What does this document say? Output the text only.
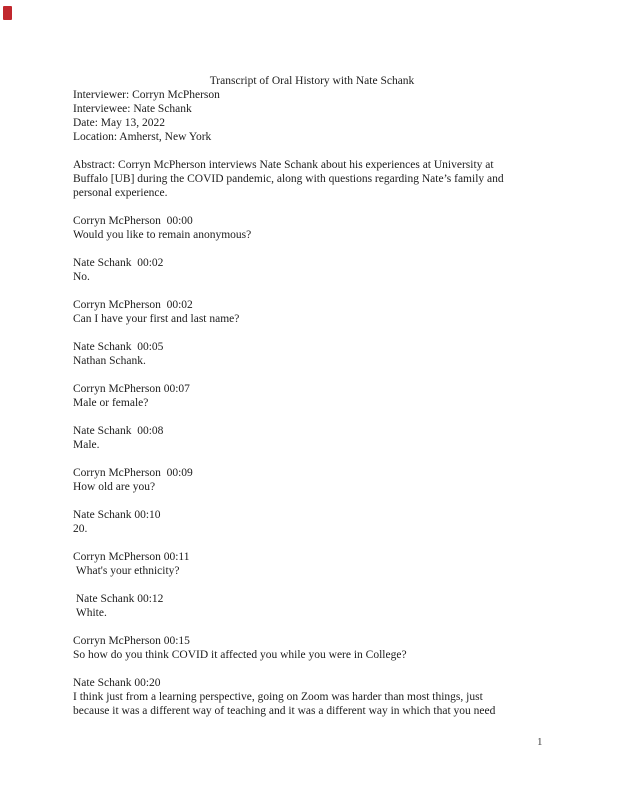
Transcript of Oral History with Nate Schank
Interviewer: Corryn McPherson
Interviewee: Nate Schank
Date: May 13, 2022
Location: Amherst, New York
Abstract: Corryn McPherson interviews Nate Schank about his experiences at University at
Buffalo [UB] during the COVID pandemic, along with questions regarding Nate’s family and
personal experience.
Corryn McPherson  00:00
Would you like to remain anonymous?
Nate Schank  00:02
No.
Corryn McPherson  00:02
Can I have your first and last name?
Nate Schank  00:05
Nathan Schank.
Corryn McPherson 00:07
Male or female?
Nate Schank  00:08
Male.
Corryn McPherson  00:09
How old are you?
Nate Schank 00:10
20.
Corryn McPherson 00:11
What's your ethnicity?
Nate Schank 00:12
White.
Corryn McPherson 00:15
So how do you think COVID it affected you while you were in College?
Nate Schank 00:20
I think just from a learning perspective, going on Zoom was harder than most things, just
because it was a different way of teaching and it was a different way in which that you need
1
